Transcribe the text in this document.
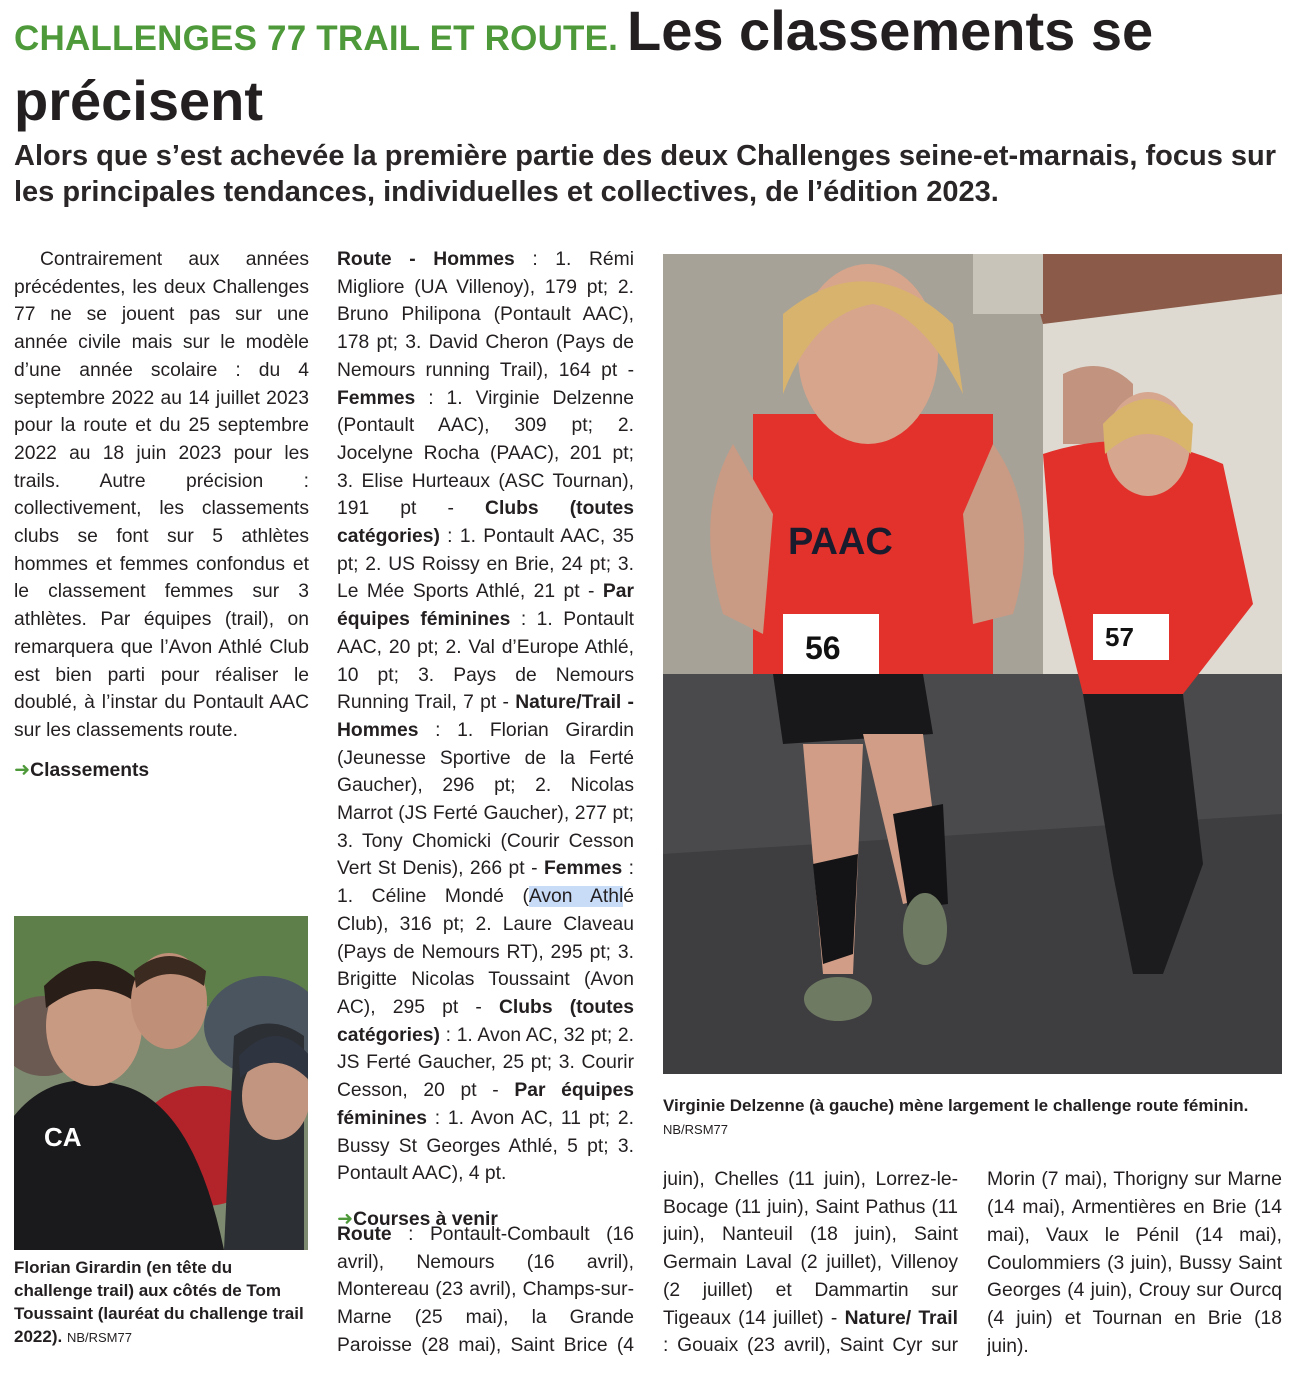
CHALLENGES 77 TRAIL ET ROUTE. Les classements se précisent

Alors que s’est achevée la première partie des deux Challenges seine-et-marnais, focus sur les principales tendances, individuelles et collectives, de l’édition 2023.

Contrairement aux années précédentes, les deux Challenges 77 ne se jouent pas sur une année civile mais sur le modèle d’une année scolaire : du 4 septembre 2022 au 14 juillet 2023 pour la route et du 25 septembre 2022 au 18 juin 2023 pour les trails. Autre précision : collectivement, les classements clubs se font sur 5 athlètes hommes et femmes confondus et le classement femmes sur 3 athlètes. Par équipes (trail), on remarquera que l’Avon Athlé Club est bien parti pour réaliser le doublé, à l’instar du Pontault AAC sur les classements route.

➜Classements

CA
Florian Girardin (en tête du challenge trail) aux côtés de Tom Toussaint (lauréat du challenge trail 2022). NB/RSM77

Route - Hommes : 1. Rémi Migliore (UA Villenoy), 179 pt; 2. Bruno Philipona (Pontault AAC), 178 pt; 3. David Cheron (Pays de Nemours running Trail), 164 pt - Femmes : 1. Virginie Delzenne (Pontault AAC), 309 pt; 2. Jocelyne Rocha (PAAC), 201 pt; 3. Elise Hurteaux (ASC Tournan), 191 pt - Clubs (toutes catégories) : 1. Pontault AAC, 35 pt; 2. US Roissy en Brie, 24 pt; 3. Le Mée Sports Athlé, 21 pt - Par équipes féminines : 1. Pontault AAC, 20 pt; 2. Val d’Europe Athlé, 10 pt; 3. Pays de Nemours Running Trail, 7 pt - Nature/Trail - Hommes : 1. Florian Girardin (Jeunesse Sportive de la Ferté Gaucher), 296 pt; 2. Nicolas Marrot (JS Ferté Gaucher), 277 pt; 3. Tony Chomicki (Courir Cesson Vert St Denis), 266 pt - Femmes : 1. Céline Mondé (Avon Athlé Club), 316 pt; 2. Laure Claveau (Pays de Nemours RT), 295 pt; 3. Brigitte Nicolas Toussaint (Avon AC), 295 pt - Clubs (toutes catégories) : 1. Avon AC, 32 pt; 2. JS Ferté Gaucher, 25 pt; 3. Courir Cesson, 20 pt - Par équipes féminines : 1. Avon AC, 11 pt; 2. Bussy St Georges Athlé, 5 pt; 3. Pontault AAC), 4 pt.

➜Courses à venir

57
PAAC
56
Virginie Delzenne (à gauche) mène largement le challenge route féminin. NB/RSM77

Route : Pontault-Combault (16 avril), Nemours (16 avril), Montereau (23 avril), Champs-sur-Marne (25 mai), la Grande Paroisse (28 mai), Saint Brice (4

juin), Chelles (11 juin), Lorrez-le-Bocage (11 juin), Saint Pathus (11 juin), Nanteuil (18 juin), Saint Germain Laval (2 juillet), Villenoy (2 juillet) et Dammartin sur Tigeaux (14 juillet) - Nature/ Trail : Gouaix (23 avril), Saint Cyr sur

Morin (7 mai), Thorigny sur Marne (14 mai), Armentières en Brie (14 mai), Vaux le Pénil (14 mai), Coulommiers (3 juin), Bussy Saint Georges (4 juin), Crouy sur Ourcq (4 juin) et Tournan en Brie (18 juin).
